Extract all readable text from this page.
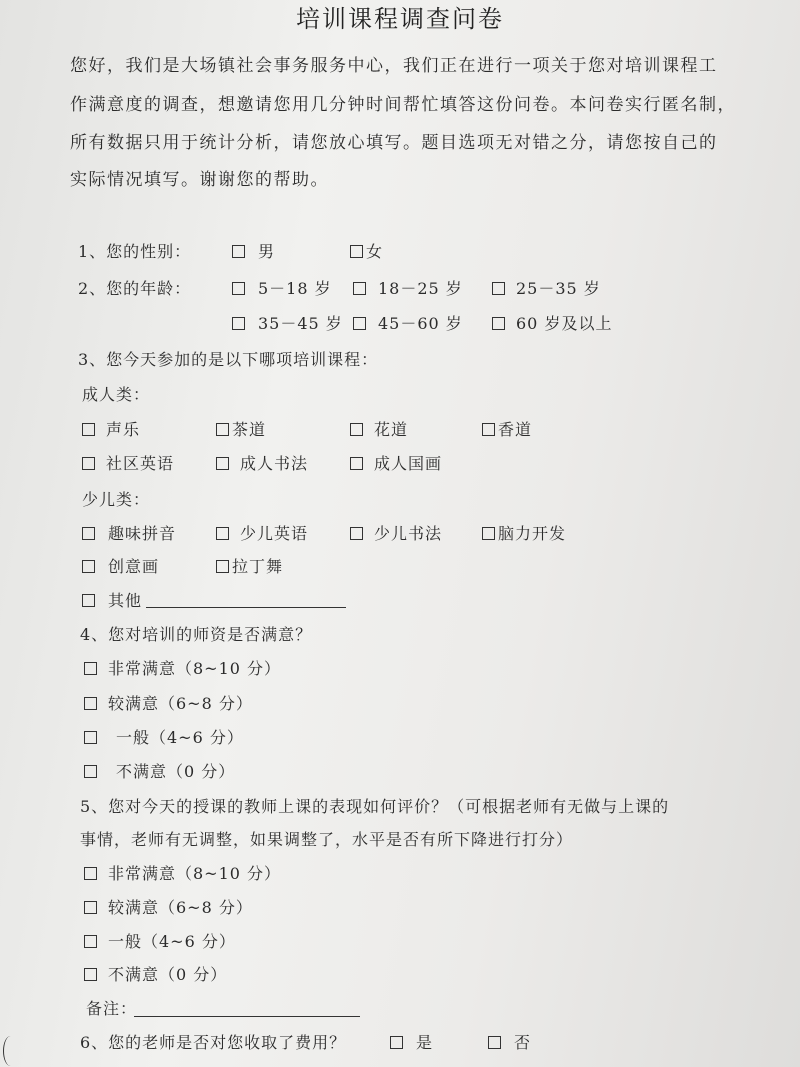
培训课程调查问卷
您好，我们是大场镇社会事务服务中心，我们正在进行一项关于您对培训课程工
作满意度的调查，想邀请您用几分钟时间帮忙填答这份问卷。本问卷实行匿名制，
所有数据只用于统计分析，请您放心填写。题目选项无对错之分，请您按自己的
实际情况填写。谢谢您的帮助。
1、您的性别：	男	女
2、您的年龄：	5－18 岁	18－25 岁	25－35 岁
35－45 岁 45－60 岁	60 岁及以上
3、您今天参加的是以下哪项培训课程：
成人类：
声乐	茶道	花道	香道
社区英语	成人书法	成人国画
少儿类：
趣味拼音	少儿英语	少儿书法	脑力开发
创意画	拉丁舞
其他
4、您对培训的师资是否满意？
非常满意（8~10 分）
较满意（6~8 分）
一般（4~6 分）
不满意（0 分）
5、您对今天的授课的教师上课的表现如何评价？（可根据老师有无做与上课的
事情，老师有无调整，如果调整了，水平是否有所下降进行打分）
非常满意（8~10 分）
较满意（6~8 分）
一般（4~6 分）
不满意（0 分）
备注：
6、您的老师是否对您收取了费用？	是	否
